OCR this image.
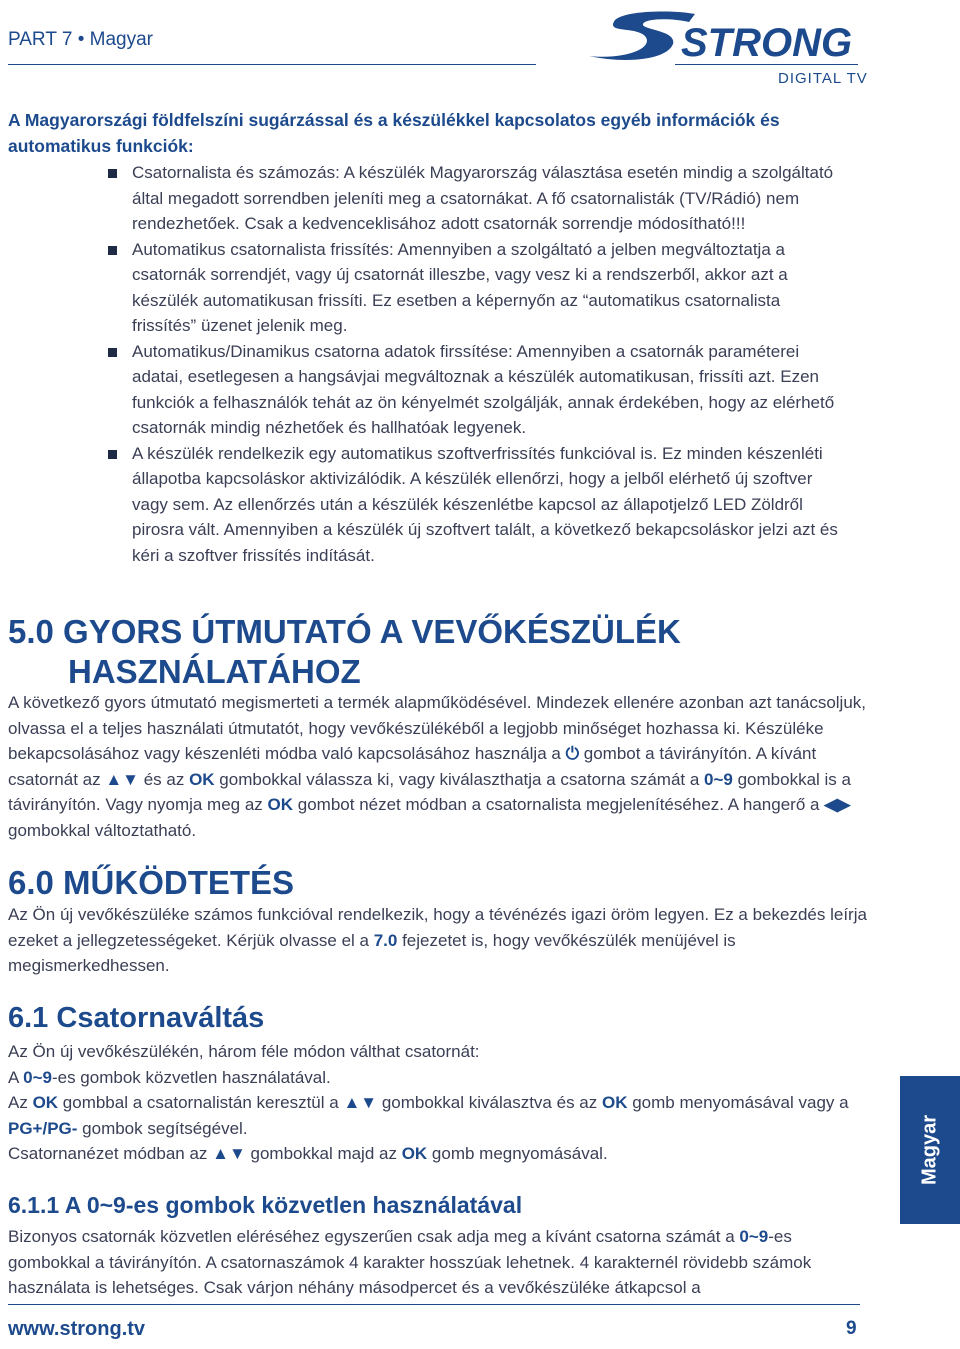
PART 7 • Magyar	STRONG
DIGITAL TV
A Magyarországi földfelszíni sugárzással és a készülékkel kapcsolatos egyéb információk és automatikus funkciók:
Csatornalista és számozás: A készülék Magyarország választása esetén mindig a szolgáltató által megadott sorrendben jeleníti meg a csatornákat. A fő csatornalisták (TV/Rádió) nem rendezhetőek. Csak a kedvenceklisához adott csatornák sorrendje módosítható!!!
Automatikus csatornalista frissítés: Amennyiben a szolgáltató a jelben megváltoztatja a csatornák sorrendjét, vagy új csatornát illeszbe, vagy vesz ki a rendszerből, akkor azt a készülék automatikusan frissíti. Ez esetben a képernyőn az “automatikus csatornalista frissítés” üzenet jelenik meg.
Automatikus/Dinamikus csatorna adatok firssítése: Amennyiben a csatornák paraméterei adatai, esetlegesen a hangsávjai megváltoznak a készülék automatikusan, frissíti azt. Ezen funkciók a felhasználók tehát az ön kényelmét szolgálják, annak érdekében, hogy az elérhető csatornák mindig nézhetőek és hallhatóak legyenek.
A készülék rendelkezik egy automatikus szoftverfrissítés funkcióval is. Ez minden készenléti állapotba kapcsoláskor aktivizálódik. A készülék ellenőrzi, hogy a jelből elérhető új szoftver vagy sem. Az ellenőrzés után a készülék készenlétbe kapcsol az állapotjelző LED Zöldről pirosra vált. Amennyiben a készülék új szoftvert talált, a következő bekapcsoláskor jelzi azt és kéri a szoftver frissítés indítását.
5.0 GYORS ÚTMUTATÓ A VEVŐKÉSZÜLÉK
HASZNÁLATÁHOZ

A következő gyors útmutató megismerteti a termék alapműködésével. Mindezek ellenére azonban azt tanácsoljuk, olvassa el a teljes használati útmutatót, hogy vevőkészülékéből a legjobb minőséget hozhassa ki. Készüléke bekapcsolásához vagy készenléti módba való kapcsolásához használja a ⏻ gombot a távirányítón. A kívánt csatornát az ▲▼ és az OK gombokkal válassza ki, vagy kiválaszthatja a csatorna számát a 0~9 gombokkal is a távirányítón. Vagy nyomja meg az OK gombot nézet módban a csatornalista megjelenítéséhez. A hangerő a ◀▶ gombokkal változtatható.

6.0 MŰKÖDTETÉS

Az Ön új vevőkészüléke számos funkcióval rendelkezik, hogy a tévénézés igazi öröm legyen. Ez a bekezdés leírja ezeket a jellegzetességeket. Kérjük olvasse el a 7.0 fejezetet is, hogy vevőkészülék menüjével is megismerkedhessen.

6.1 Csatornaváltás

Az Ön új vevőkészülékén, három féle módon válthat csatornát:
A 0~9-es gombok közvetlen használatával.
Az OK gombbal a csatornalistán keresztül a ▲▼ gombokkal kiválasztva és az OK gomb menyomásával vagy a PG+/PG- gombok segítségével.
Csatornanézet módban az ▲▼ gombokkal majd az OK gomb megnyomásával.

6.1.1 A 0~9-es gombok közvetlen használatával

Bizonyos csatornák közvetlen eléréséhez egyszerűen csak adja meg a kívánt csatorna számát a 0~9-es gombokkal a távirányítón. A csatornaszámok 4 karakter hosszúak lehetnek. 4 karakternél rövidebb számok használata is lehetséges. Csak várjon néhány másodpercet és a vevőkészüléke átkapcsol a

Magyar
www.strong.tv	9
